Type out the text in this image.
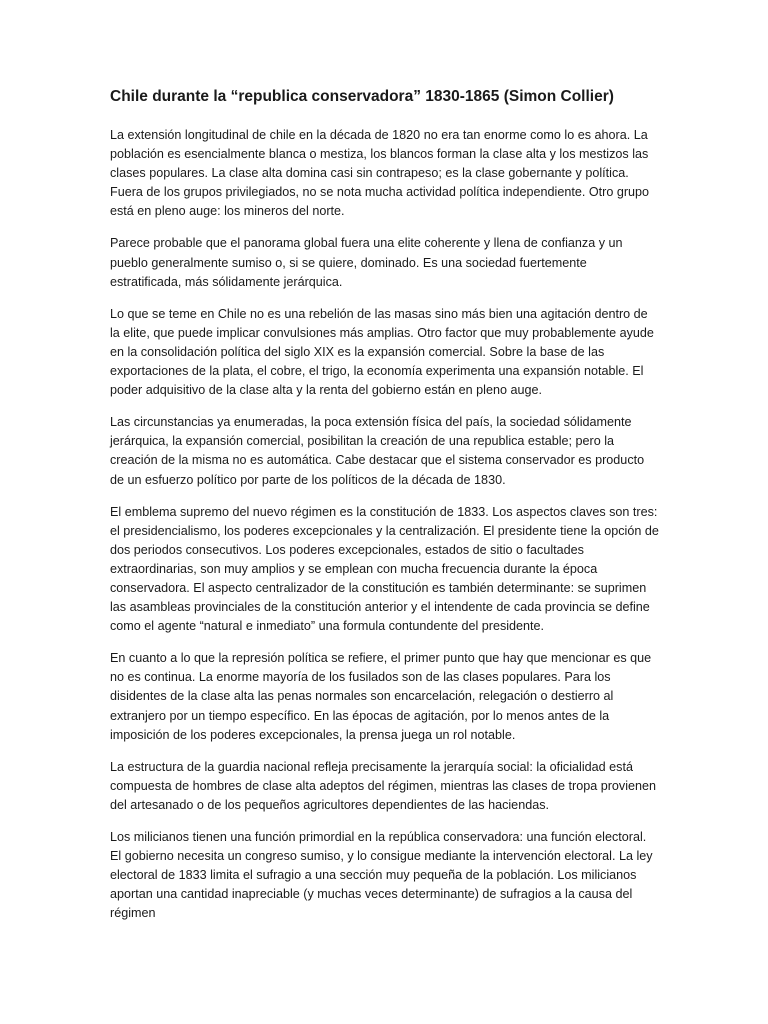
Chile durante la “republica conservadora” 1830-1865 (Simon Collier)

La extensión longitudinal de chile en la década de 1820 no era tan enorme como lo es ahora. La población es esencialmente blanca o mestiza, los blancos forman la clase alta y los mestizos las clases populares. La clase alta domina casi sin contrapeso; es la clase gobernante y política. Fuera de los grupos privilegiados, no se nota mucha actividad política independiente. Otro grupo está en pleno auge: los mineros del norte.

Parece probable que el panorama global fuera una elite coherente y llena de confianza y un pueblo generalmente sumiso o, si se quiere, dominado. Es una sociedad fuertemente estratificada, más sólidamente jerárquica.

Lo que se teme en Chile no es una rebelión de las masas sino más bien una agitación dentro de la elite, que puede implicar convulsiones más amplias. Otro factor que muy probablemente ayude en la consolidación política del siglo XIX es la expansión comercial. Sobre la base de las exportaciones de la plata, el cobre, el trigo, la economía experimenta una expansión notable. El poder adquisitivo de la clase alta y la renta del gobierno están en pleno auge.

Las circunstancias ya enumeradas, la poca extensión física del país, la sociedad sólidamente jerárquica, la expansión comercial, posibilitan la creación de una republica estable; pero la creación de la misma no es automática. Cabe destacar que el sistema conservador es producto de un esfuerzo político por parte de los políticos de la década de 1830.

El emblema supremo del nuevo régimen es la constitución de 1833. Los aspectos claves son tres: el presidencialismo, los poderes excepcionales y la centralización. El presidente tiene la opción de dos periodos consecutivos. Los poderes excepcionales, estados de sitio o facultades extraordinarias, son muy amplios y se emplean con mucha frecuencia durante la época conservadora. El aspecto centralizador de la constitución es también determinante: se suprimen las asambleas provinciales de la constitución anterior y el intendente de cada provincia se define como el agente “natural e inmediato” una formula contundente del presidente.

En cuanto a lo que la represión política se refiere, el primer punto que hay que mencionar es que no es continua. La enorme mayoría de los fusilados son de las clases populares. Para los disidentes de la clase alta las penas normales son encarcelación, relegación o destierro al extranjero por un tiempo específico. En las épocas de agitación, por lo menos antes de la imposición de los poderes excepcionales, la prensa juega un rol notable.

La estructura de la guardia nacional refleja precisamente la jerarquía social: la oficialidad está compuesta de hombres de clase alta adeptos del régimen, mientras las clases de tropa provienen del artesanado o de los pequeños agricultores dependientes de las haciendas.

Los milicianos tienen una función primordial en la república conservadora: una función electoral. El gobierno necesita un congreso sumiso, y lo consigue mediante la intervención electoral. La ley electoral de 1833 limita el sufragio a una sección muy pequeña de la población. Los milicianos aportan una cantidad inapreciable (y muchas veces determinante) de sufragios a la causa del régimen
